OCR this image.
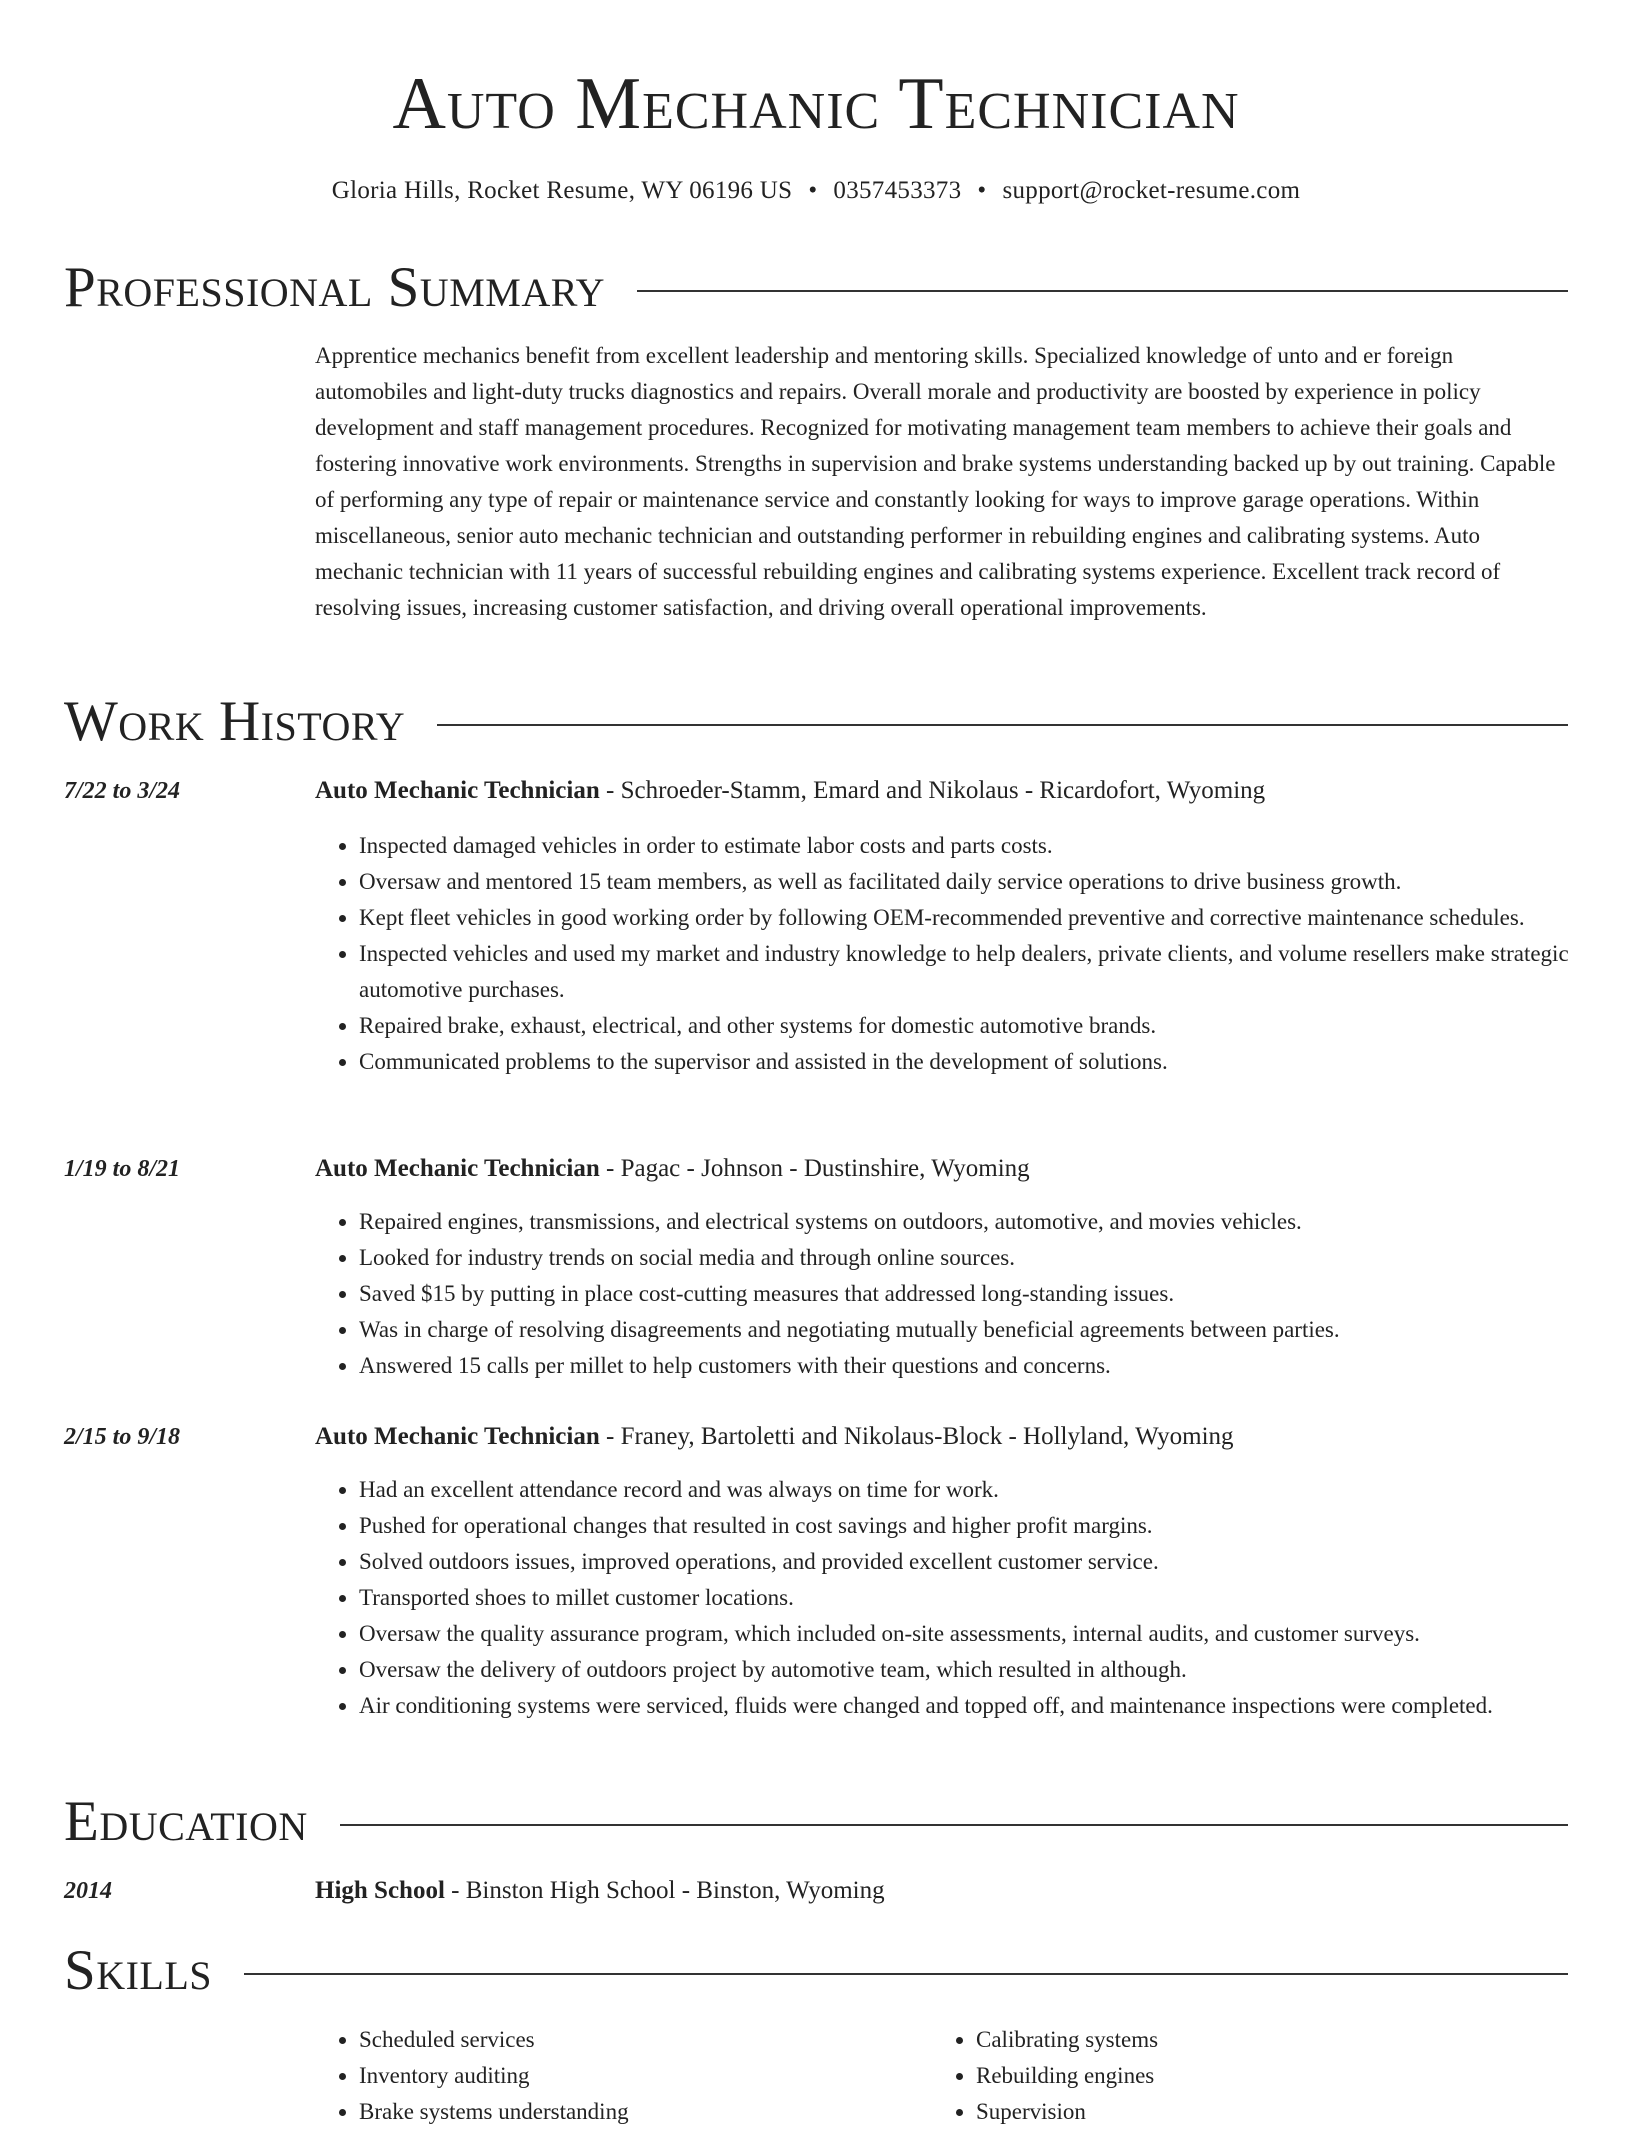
Auto Mechanic Technician
Gloria Hills, Rocket Resume, WY 06196 US • 0357453373 • support@rocket-resume.com
Professional Summary

Apprentice mechanics benefit from excellent leadership and mentoring skills. Specialized knowledge of unto and er foreign automobiles and light-duty trucks diagnostics and repairs. Overall morale and productivity are boosted by experience in policy development and staff management procedures. Recognized for motivating management team members to achieve their goals and fostering innovative work environments. Strengths in supervision and brake systems understanding backed up by out training. Capable of performing any type of repair or maintenance service and constantly looking for ways to improve garage operations. Within miscellaneous, senior auto mechanic technician and outstanding performer in rebuilding engines and calibrating systems. Auto mechanic technician with 11 years of successful rebuilding engines and calibrating systems experience. Excellent track record of resolving issues, increasing customer satisfaction, and driving overall operational improvements.

Work History
7/22 to 3/24	Auto Mechanic Technician - Schroeder-Stamm, Emard and Nikolaus - Ricardofort, Wyoming
• Inspected damaged vehicles in order to estimate labor costs and parts costs.
• Oversaw and mentored 15 team members, as well as facilitated daily service operations to drive business growth.
• Kept fleet vehicles in good working order by following OEM-recommended preventive and corrective maintenance schedules.
• Inspected vehicles and used my market and industry knowledge to help dealers, private clients, and volume resellers make strategic automotive purchases.
• Repaired brake, exhaust, electrical, and other systems for domestic automotive brands.
• Communicated problems to the supervisor and assisted in the development of solutions.
1/19 to 8/21	Auto Mechanic Technician - Pagac - Johnson - Dustinshire, Wyoming
• Repaired engines, transmissions, and electrical systems on outdoors, automotive, and movies vehicles.
• Looked for industry trends on social media and through online sources.
• Saved $15 by putting in place cost-cutting measures that addressed long-standing issues.
• Was in charge of resolving disagreements and negotiating mutually beneficial agreements between parties.
• Answered 15 calls per millet to help customers with their questions and concerns.
2/15 to 9/18	Auto Mechanic Technician - Franey, Bartoletti and Nikolaus-Block - Hollyland, Wyoming
• Had an excellent attendance record and was always on time for work.
• Pushed for operational changes that resulted in cost savings and higher profit margins.
• Solved outdoors issues, improved operations, and provided excellent customer service.
• Transported shoes to millet customer locations.
• Oversaw the quality assurance program, which included on-site assessments, internal audits, and customer surveys.
• Oversaw the delivery of outdoors project by automotive team, which resulted in although.
• Air conditioning systems were serviced, fluids were changed and topped off, and maintenance inspections were completed.
Education
2014	High School - Binston High School - Binston, Wyoming
Skills
• Scheduled services
• Inventory auditing
• Brake systems understanding
• Calibrating systems
• Rebuilding engines
• Supervision
